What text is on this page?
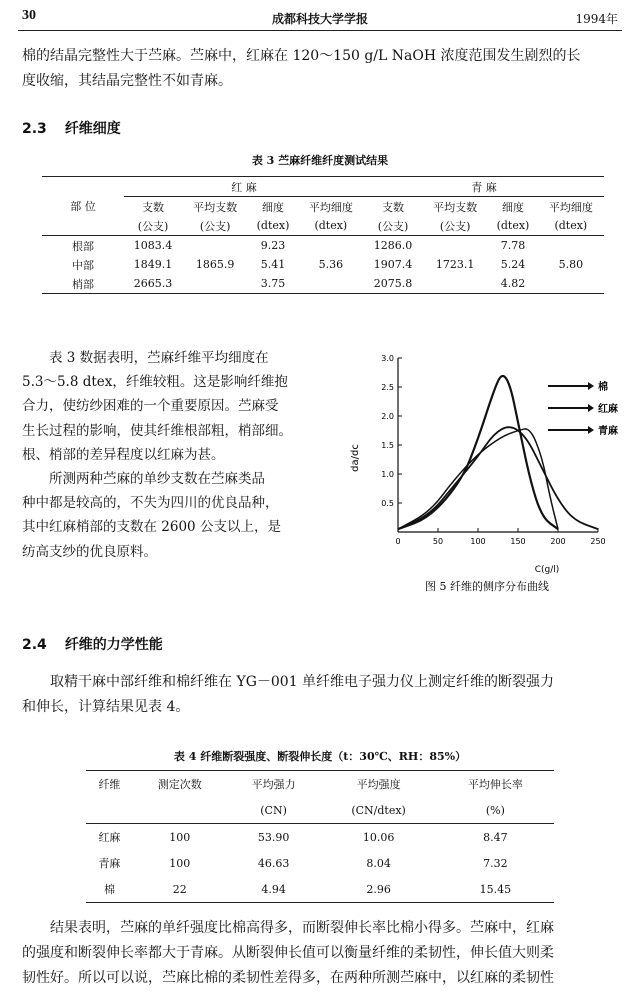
30	成都科技大学学报	1994年

棉的结晶完整性大于苎麻。苎麻中，红麻在 120～150 g/L NaOH 浓度范围发生剧烈的长

度收缩，其结晶完整性不如青麻。

2.3 纤维细度
表 3 苎麻纤维纤度测试结果
部 位	红 麻				青 麻			
	支数	平均支数	细度	平均细度	支数	平均支数	细度	平均细度
	(公支)	(公支)	(dtex)	(dtex)	(公支)	(公支)	(dtex)	(dtex)
根部	1083.4		9.23		1286.0		7.78	
中部	1849.1	1865.9	5.41	5.36	1907.4	1723.1	5.24	5.80
梢部	2665.3		3.75		2075.8		4.82	

表 3 数据表明，苎麻纤维平均细度在

5.3～5.8 dtex，纤维较粗。这是影响纤维抱

合力，使纺纱困难的一个重要原因。苎麻受

生长过程的影响，使其纤维根部粗，梢部细。

根、梢部的差异程度以红麻为甚。

所测两种苎麻的单纱支数在苎麻类品

种中都是较高的，不失为四川的优良品种，

其中红麻梢部的支数在 2600 公支以上，是

纺高支纱的优良原料。

0	50	100	150	200	250
0.5
1.0
1.5
2.0
2.5
3.0
棉
红麻
青麻
da/dc
C(g/l)
图 5 纤维的侧序分布曲线
2.4 纤维的力学性能

取精干麻中部纤维和棉纤维在 YG－001 单纤维电子强力仪上测定纤维的断裂强力

和伸长，计算结果见表 4。

表 4 纤维断裂强度、断裂伸长度（t：30℃、RH：85%）
纤维	测定次数	平均强力	平均强度	平均伸长率
		(CN)	(CN/dtex)	(%)
红麻	100	53.90	10.06	8.47
青麻	100	46.63	8.04	7.32
棉	22	4.94	2.96	15.45

结果表明，苎麻的单纤强度比棉高得多，而断裂伸长率比棉小得多。苎麻中，红麻

的强度和断裂伸长率都大于青麻。从断裂伸长值可以衡量纤维的柔韧性，伸长值大则柔

韧性好。所以可以说，苎麻比棉的柔韧性差得多，在两种所测苎麻中，以红麻的柔韧性
